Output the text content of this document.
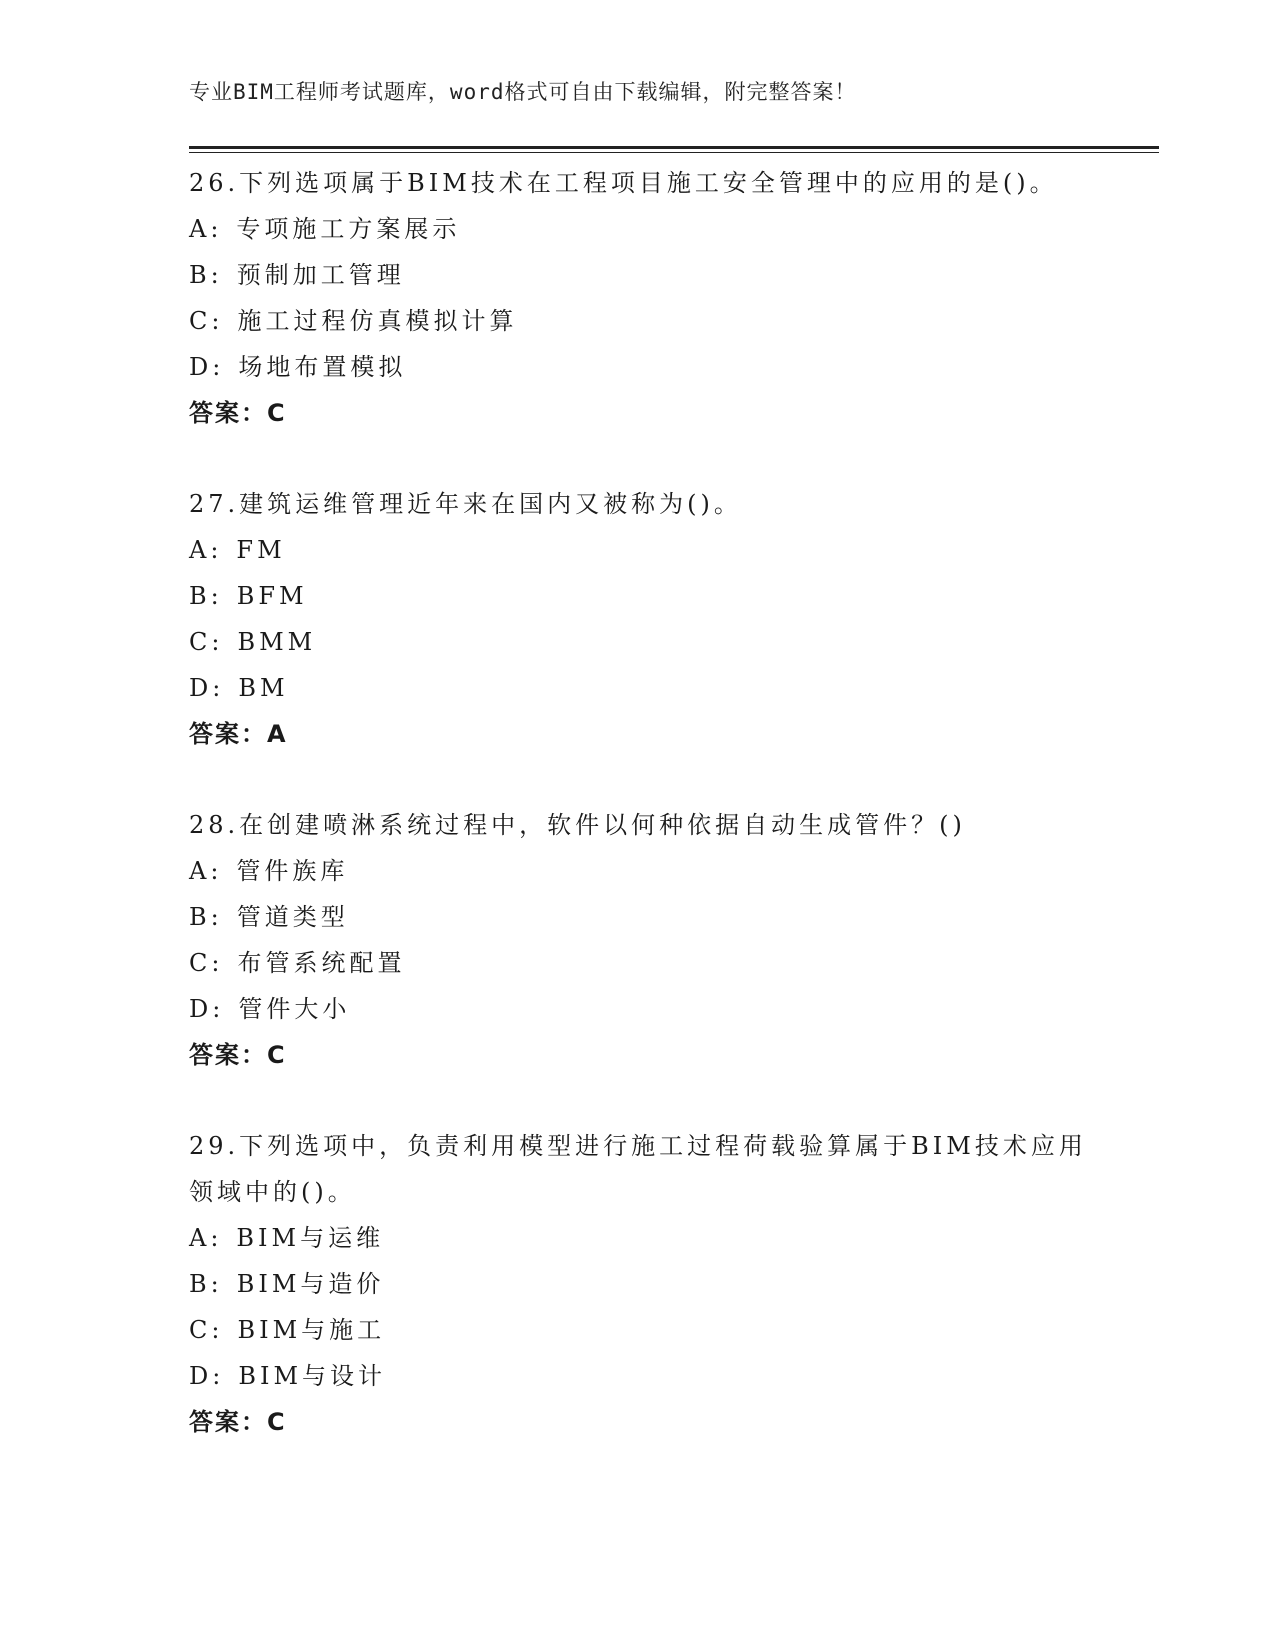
专业BIM工程师考试题库，word格式可自由下载编辑，附完整答案！
26.下列选项属于BIM技术在工程项目施工安全管理中的应用的是()。
A: 专项施工方案展示
B: 预制加工管理
C: 施工过程仿真模拟计算
D: 场地布置模拟
答案：C
27.建筑运维管理近年来在国内又被称为()。
A: FM
B: BFM
C: BMM
D: BM
答案：A
28.在创建喷淋系统过程中，软件以何种依据自动生成管件？()
A: 管件族库
B: 管道类型
C: 布管系统配置
D: 管件大小
答案：C
29.下列选项中，负责利用模型进行施工过程荷载验算属于BIM技术应用领域中的()。
A: BIM与运维
B: BIM与造价
C: BIM与施工
D: BIM与设计
答案：C
